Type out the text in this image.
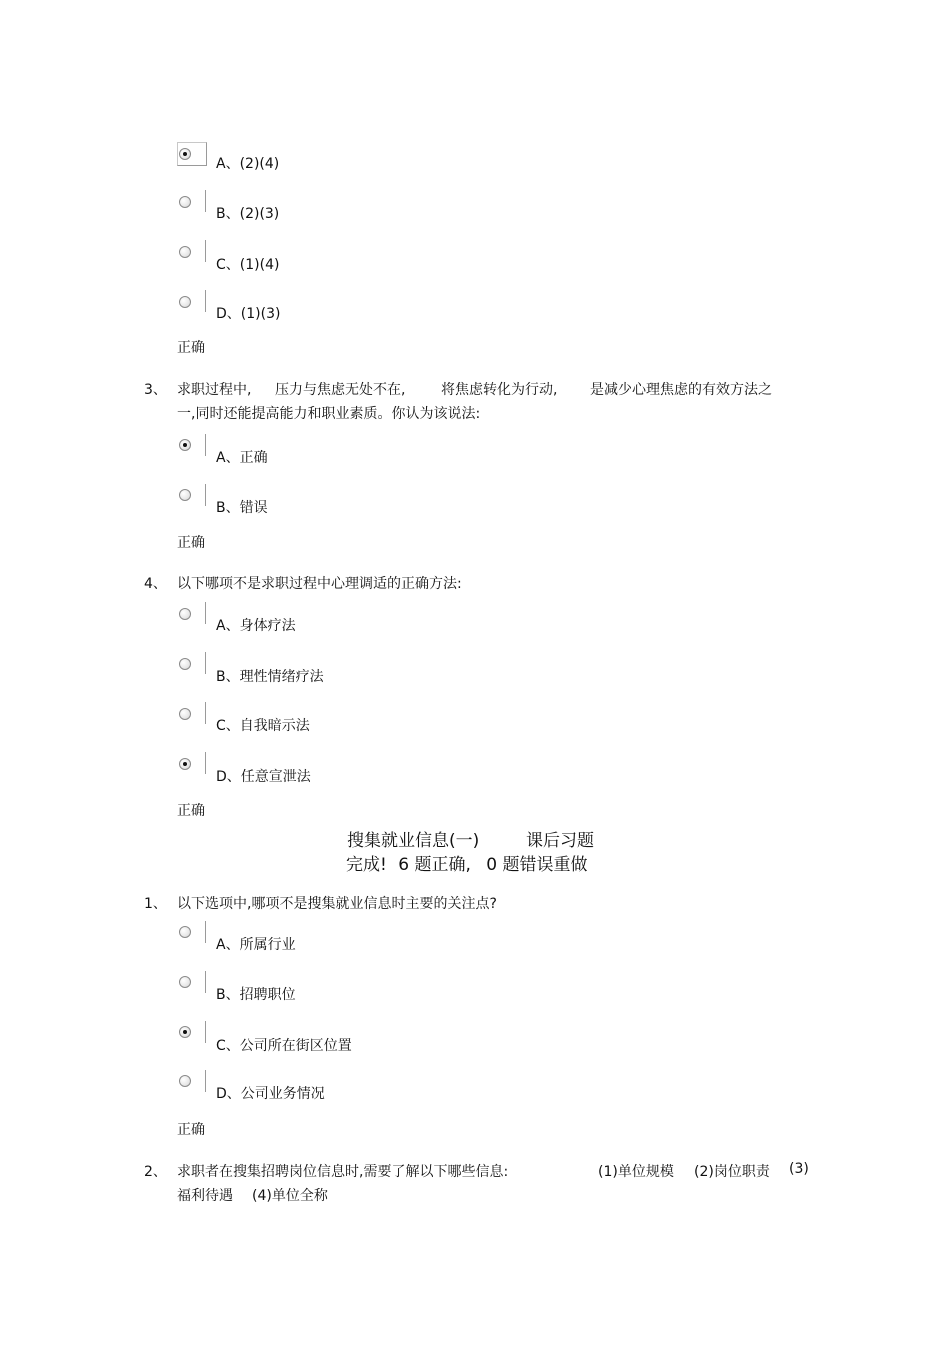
A、(2)(4)
B、(2)(3)
C、(1)(4)
D、(1)(3)
正确
3、 求职过程中, 压力与焦虑无处不在,	将焦虑转化为行动, 是减少心理焦虑的有效方法之
一,同时还能提高能力和职业素质。你认为该说法:
A、正确
B、错误
正确
4、 以下哪项不是求职过程中心理调适的正确方法:
A、身体疗法
B、理性情绪疗法
C、自我暗示法
D、任意宣泄法
正确
搜集就业信息(一)	课后习题
完成! 6 题正确, 0 题错误重做
1、 以下选项中,哪项不是搜集就业信息时主要的关注点?
A、所属行业
B、招聘职位
C、公司所在街区位置
D、公司业务情况
正确
2、 求职者在搜集招聘岗位信息时,需要了解以下哪些信息:	(1)单位规模 (2)岗位职责 (3)
福利待遇 (4)单位全称
